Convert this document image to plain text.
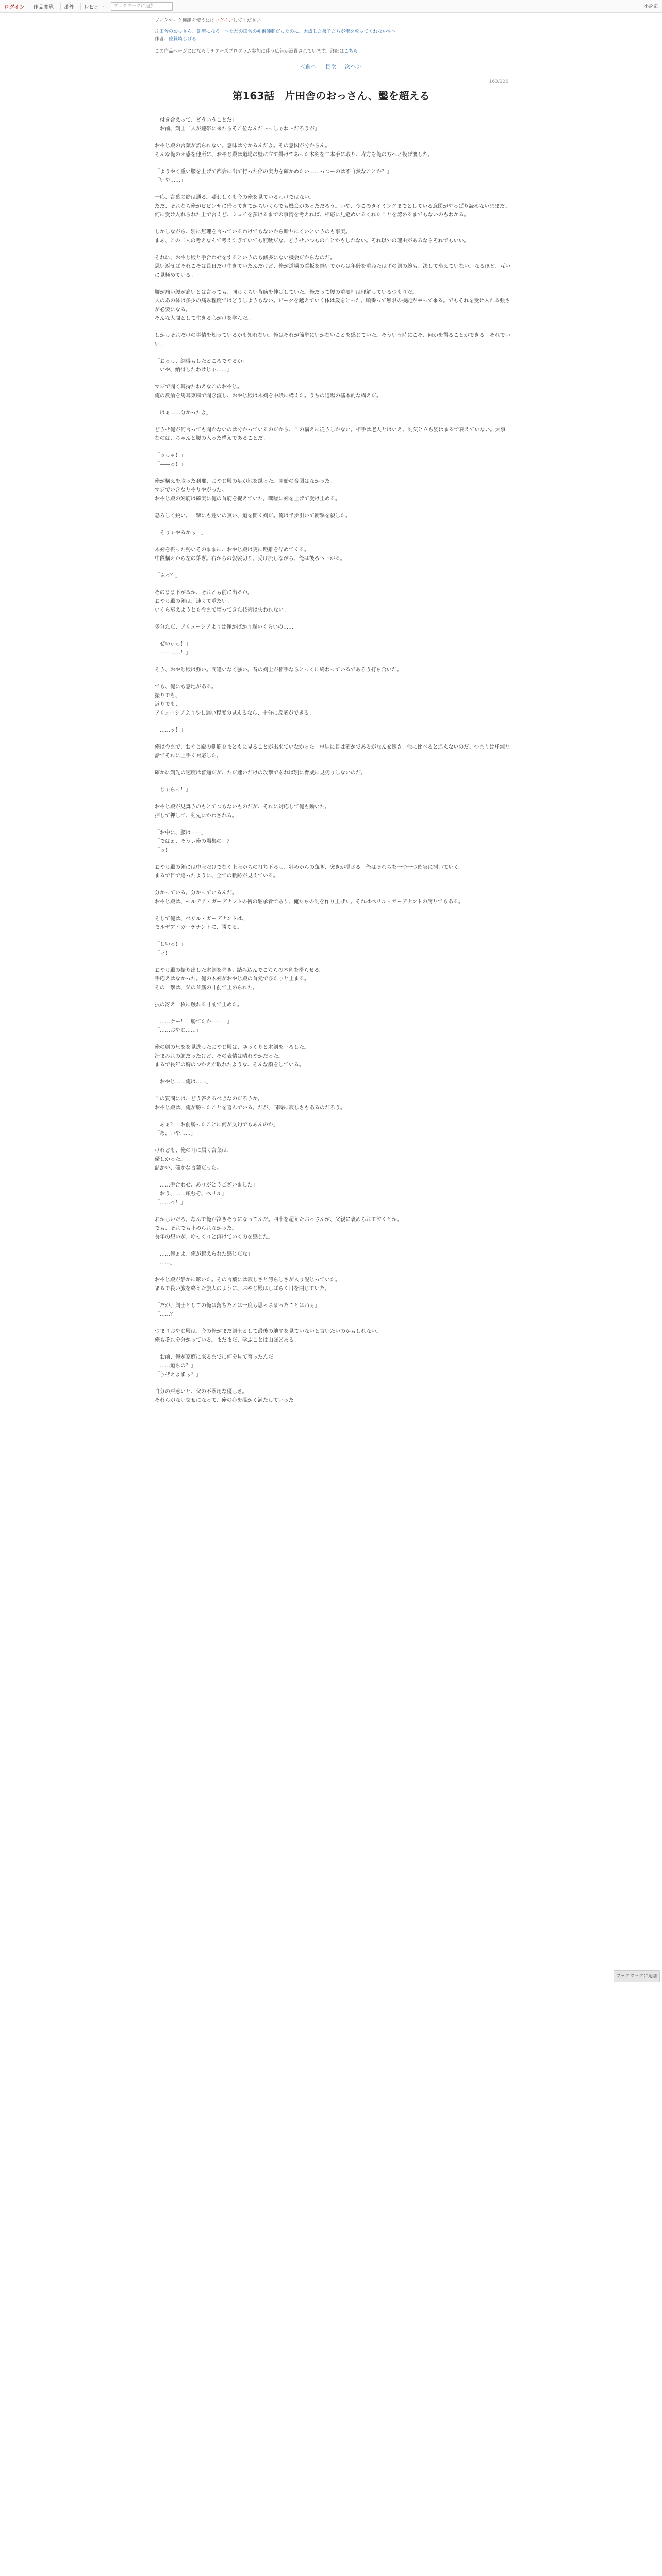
ログイン	作品閲覧	番外	レビュー	ブックマークに追加	小説家
ブックマーク機能を使うにはログインしてください。
片田舎のおっさん、剣聖になる　～ただの田舎の剣術師範だったのに、大成した弟子たちが俺を放ってくれない件～
作者：佐賀崎しげる
この作品ページにはなろうチアーズプログラム参加に伴う広告が設置されています。詳細はこちら
＜前へ 目次 次へ＞
163/226
第163話　片田舎のおっさん、鑿を超える

「付き合えって、どういうことだ」
「お前、剣士二人が連帯に来たらそこ位なんだ～っしゃね～だろうが」

おやじ殿の言葉が語られない。意味は分かるんだよ。その意図が分からん。
そんな俺の困惑を他所に、おやじ殿は道場の壁に立て掛けてあった木剣を二本手に取り、片方を俺の方へと投げ渡した。

「ようやく重い腰を上げて都会に出て行った倅の実力を確かめたい……っつーのは不自然なことか？」
「いや……」

一応、言葉の筋は通る。疑わしくも今の俺を見ているわけではない。
ただ、それなら俺がビビンザに帰ってきてからいくらでも機会があっただろう。いや、今このタイミングまでとしている意図がやっぱり読めないままだ。何に受け入れられた上で言えど、ミュイを預けるまでの事情を考えれば、相応に見定めいるくれたことを認めるまでもないのもわかる。

しかしながら、別に無理を言っているわけでもないから断りにくいというのも事実。
まあ、この二人の考えなんて考えすぎていても無駄だな、どうせいつものことかもしれない。それ以外の理由があるならそれでもいい。

それに、おやじ殿と手合わせをするというのも滅多にない機会だからなのだ。
思い返せばそれこそは長日だけ生きていたんだけど、俺が道場の看板を継いでからは年齢を重ねたはずの剣の腕も、決して衰えていない。なるほど、互いに見極めている。

腰が痛い腰が痛いとは言っても、同じくらい背筋を伸ばしていた。俺だって腰の重要性は理解しているつもりだ。
人のあの体は多少の痛み程度ではどうしようもない。ピークを越えていく体は歳をとった。順番って無限の機能がやって来る。でもそれを受け入れる強さが必要になる。
そんな人間として生きる心がけを学んだ。

しかしそれだけの事情を知っているかも知れない。俺はそれが簡単にいかないことを感じていた。そういう時にこそ、何かを得ることができる。それでいい。

「おっし、納得もしたところでやるか」
「いや、納得したわけじゃ……」

マジで聞く耳持たねえなこのおやじ。
俺の反論を馬耳東風で聞き流し、おやじ殿は木剣を中段に構えた。うちの道場の基本的な構えだ。

「はぁ……分かったよ」

どうせ俺が何言っても聞かないのは分かっているのだから、この構えに従うしかない。相手は老人とはいえ、剣気と立ち姿はまるで衰えていない。大事なのは、ちゃんと腰の入った構えであることだ。

「っしゃ！」
「――っ！」

俺が構えを取った刹那、おやじ殿の足が地を蹴った。開始の合図はなかった。
マジでいきなりやりやがった。
おやじ殿の剣筋は確実に俺の首筋を捉えていた。咄嗟に剣を上げて受け止める。

恐ろしく鋭い。一撃にも迷いの無い、道を開く剣だ。俺は半歩引いて衝撃を殺した。

「そりゃやるかぁ！」

木剣を振った勢いそのままに、おやじ殿は更に距離を詰めてくる。
中段構えから左の薙ぎ。右からの袈裟切り。受け流しながら、俺は後ろへ下がる。

「ふっ？」

そのまま下がるか、それとも前に出るか。
おやじ殿の剣は、速くて重たい。
いくら衰えようとも今まで培ってきた技術は失われない。

多分ただ、アリューシアよりは僅かばかり遅いくらいの……

「ぜいぃっ！」
「――……！」

そう、おやじ殿は強い。間違いなく強い。昔の剣士が相手ならとっくに終わっているであろう打ち合いだ。

でも、俺にも意地がある。
振りでも、
返りでも、
アリューシアより少し遅い程度の見えるなら、十分に反応ができる。

「……ッ！」

俺は今まで、おやじ殿の剣筋をまともに見ることが出来ていなかった。単純に目は確かであるがなんせ速さ、他に比べると追えないのだ。つまりは単純な話でそれに上手く対応した。

確かに剣先の速度は普通だが、ただ速いだけの攻撃であれば別に脅威に見劣りしないのだ。

「じゃらっ！」

おやじ殿が見舞うのもとてつもないものだが、それに対応して俺も動いた。
押して押して、剣先にかわされる。

「お中に、腰は――」
「ではぁ、そうぃ俺の場集の！？」
「っ！」

おやじ殿の剣には中段だけでなく上段からの打ち下ろし、斜めからの薙ぎ、突きが混ざる。俺はそれらを一つ一つ確実に捌いていく。
まるで目で追ったように、全ての軌跡が見えている。

分かっている。分かっているんだ。
おやじ殿は、モルデア・ガーデナントの術の継承者であり、俺たちの剣を作り上げた。それはベリル・ガーデナントの誇りでもある。

そして俺は、ベリル・ガーデナントは、
モルデア・ガーデナントに、勝てる。

「しいっ！」
「ッ！」

おやじ殿の振り出した木剣を弾き、踏み込んでこちらの木剣を滑らせる。
手応えはなかった。俺の木剣がおやじ殿の首元でぴたりと止まる。
その一撃は、父の首筋の寸前で止められた。

技の冴え一枚に触れる寸前で止めた。

「……ケー！　勝てたか――！」
「……おやじ……」

俺の剣の尺をを見逃したおやじ殿は、ゆっくりと木剣を下ろした。
汗まみれの顔だったけど、その表情は晴れやかだった。
まるで長年の胸のつかえが取れたような、そんな顔をしている。

「おやじ……俺は……」

この質問には、どう答えるべきなのだろうか。
おやじ殿は、俺が勝ったことを喜んでいる。だが、同時に寂しさもあるのだろう。

「あぁ？　お前勝ったことに何が文句でもあんのか」
「あ、いや……」

けれども、俺の耳に届く言葉は、
優しかった。
温かい、確かな言葉だった。

「……手合わせ、ありがとうございました」
「おう、……頼むぞ、ベリル」
「……っ！」

おかしいだろ。なんで俺が泣きそうになってんだ。四十を超えたおっさんが、父親に褒められて泣くとか。
でも、それでも止められなかった。
長年の想いが、ゆっくりと溶けていくのを感じた。

「……俺ぁよ、俺が越えられた感じだな」
「……」

おやじ殿が静かに呟いた。その言葉には寂しさと誇らしさが入り混じっていた。
まるで長い旅を終えた旅人のように、おやじ殿はしばらく目を閉じていた。

「だが、剣士としての俺は落ちたとは一度も思っちまったことはねぇ」
「……？」

つまりおやじ殿は、今の俺がまだ剣士として最後の地平を見ていないと言いたいのかもしれない。
俺もそれを分かっている。まだまだ、学ぶことは山ほどある。

「お前、俺が家庭に来るまでに何を見て育ったんだ」
「……道ちの？」
「うぜえよまぁ？」

自分の戸惑いと、父の不器用な優しさ。
それらがない交ぜになって、俺の心を温かく満たしていった。

ブックマークに追加
